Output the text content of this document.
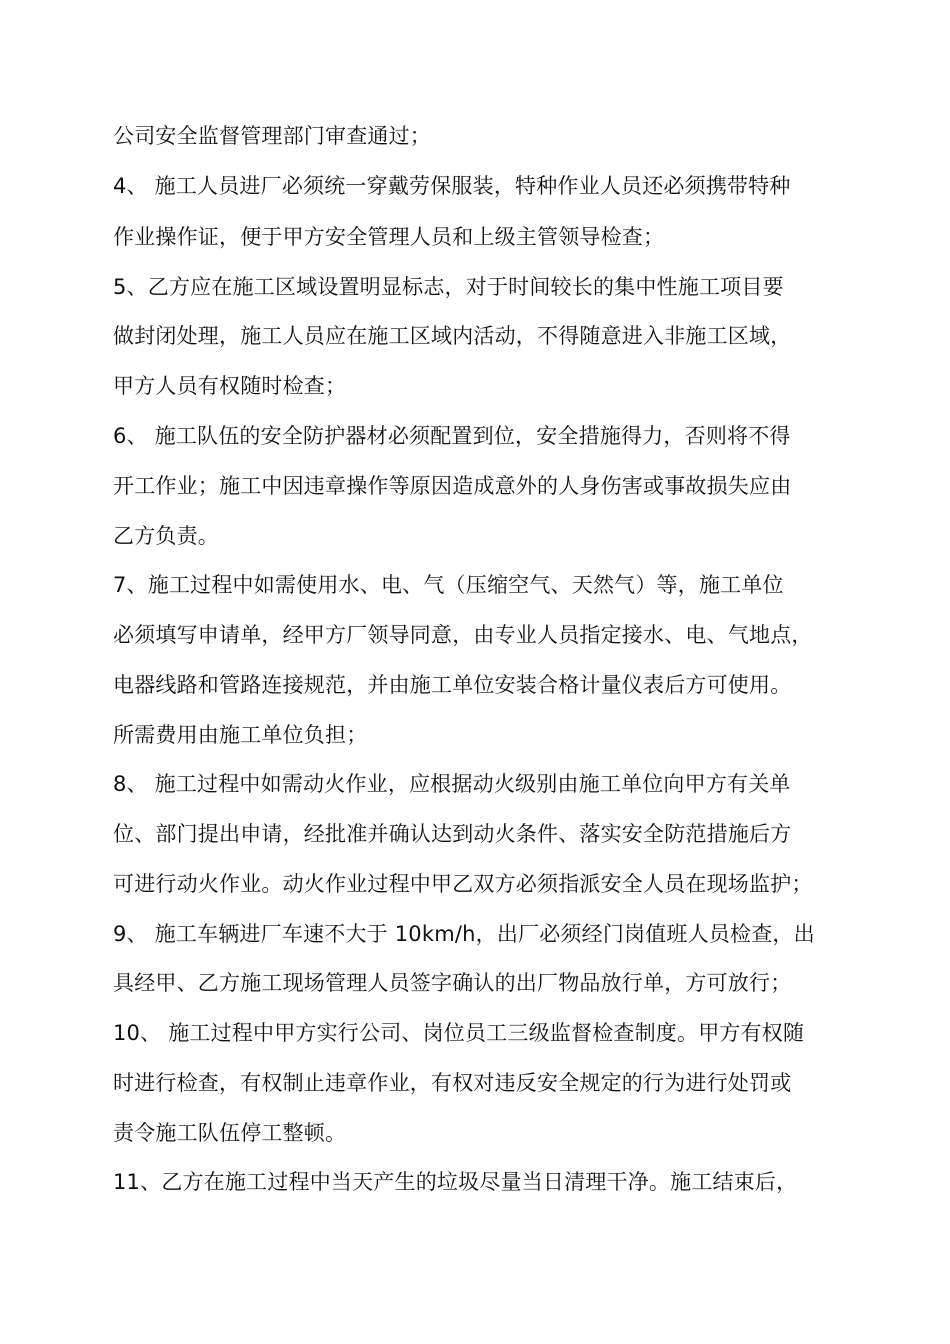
公司安全监督管理部门审查通过；
4、 施工人员进厂必须统一穿戴劳保服装，特种作业人员还必须携带特种
作业操作证，便于甲方安全管理人员和上级主管领导检查；
5、乙方应在施工区域设置明显标志，对于时间较长的集中性施工项目要
做封闭处理，施工人员应在施工区域内活动，不得随意进入非施工区域，
甲方人员有权随时检查；
6、 施工队伍的安全防护器材必须配置到位，安全措施得力，否则将不得
开工作业；施工中因违章操作等原因造成意外的人身伤害或事故损失应由
乙方负责。
7、施工过程中如需使用水、电、气（压缩空气、天然气）等，施工单位
必须填写申请单，经甲方厂领导同意，由专业人员指定接水、电、气地点，
电器线路和管路连接规范，并由施工单位安装合格计量仪表后方可使用。
所需费用由施工单位负担；
8、 施工过程中如需动火作业，应根据动火级别由施工单位向甲方有关单
位、部门提出申请，经批准并确认达到动火条件、落实安全防范措施后方
可进行动火作业。动火作业过程中甲乙双方必须指派安全人员在现场监护；
9、 施工车辆进厂车速不大于 10km/h，出厂必须经门岗值班人员检查，出
具经甲、乙方施工现场管理人员签字确认的出厂物品放行单，方可放行；
10、 施工过程中甲方实行公司、岗位员工三级监督检查制度。甲方有权随
时进行检查，有权制止违章作业，有权对违反安全规定的行为进行处罚或
责令施工队伍停工整顿。
11、乙方在施工过程中当天产生的垃圾尽量当日清理干净。施工结束后，
